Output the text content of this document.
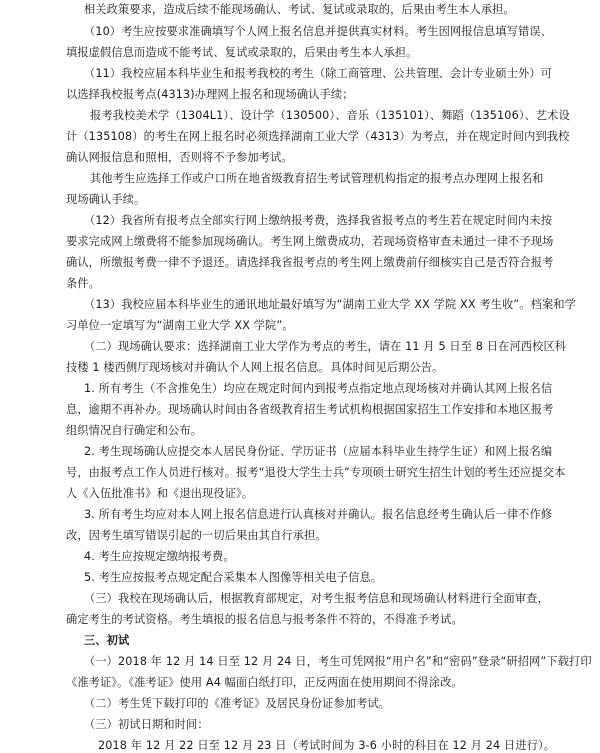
相关政策要求，造成后续不能现场确认、考试、复试或录取的，后果由考生本人承担。
（10）考生应按要求准确填写个人网上报名信息并提供真实材料。考生因网报信息填写错误、
填报虚假信息而造成不能考试、复试或录取的，后果由考生本人承担。
（11）我校应届本科毕业生和报考我校的考生（除工商管理、公共管理、会计专业硕士外）可
以选择我校报考点(4313)办理网上报名和现场确认手续；
报考我校美术学（1304L1）、设计学（130500）、音乐（135101）、舞蹈（135106）、艺术设
计（135108）的考生在网上报名时必须选择湖南工业大学（4313）为考点，并在规定时间内到我校
确认网报信息和照相，否则将不予参加考试。
其他考生应选择工作或户口所在地省级教育招生考试管理机构指定的报考点办理网上报名和
现场确认手续。
（12）我省所有报考点全部实行网上缴纳报考费，选择我省报考点的考生若在规定时间内未按
要求完成网上缴费将不能参加现场确认。考生网上缴费成功，若现场资格审查未通过一律不予现场
确认，所缴报考费一律不予退还。请选择我省报考点的考生网上缴费前仔细核实自己是否符合报考
条件。
（13）我校应届本科毕业生的通讯地址最好填写为“湖南工业大学 XX 学院 XX 考生收”。档案和学
习单位一定填写为“湖南工业大学 XX 学院”。
（二）现场确认要求：选择湖南工业大学作为考点的考生，请在 11 月 5 日至 8 日在河西校区科
技楼 1 楼西侧厅现场核对并确认个人网上报名信息。具体时间见后期公告。
1. 所有考生（不含推免生）均应在规定时间内到报考点指定地点现场核对并确认其网上报名信
息，逾期不再补办。现场确认时间由各省级教育招生考试机构根据国家招生工作安排和本地区报考
组织情况自行确定和公布。
2. 考生现场确认应提交本人居民身份证、学历证书（应届本科毕业生持学生证）和网上报名编
号，由报考点工作人员进行核对。报考“退役大学生士兵”专项硕士研究生招生计划的考生还应提交本
人《入伍批准书》和《退出现役证》。
3. 所有考生均应对本人网上报名信息进行认真核对并确认。报名信息经考生确认后一律不作修
改，因考生填写错误引起的一切后果由其自行承担。
4. 考生应按规定缴纳报考费。
5. 考生应按报考点规定配合采集本人图像等相关电子信息。
（三）我校在现场确认后，根据教育部规定，对考生报考信息和现场确认材料进行全面审查，
确定考生的考试资格。考生填报的报名信息与报考条件不符的，不得准予考试。
三、初试
（一）2018 年 12 月 14 日至 12 月 24 日，考生可凭网报“用户名”和“密码”登录“研招网”下载打印
《准考证》。《准考证》使用 A4 幅面白纸打印，正反两面在使用期间不得涂改。
（二）考生凭下载打印的《准考证》及居民身份证参加考试。
（三）初试日期和时间：
2018 年 12 月 22 日至 12 月 23 日（考试时间为 3-6 小时的科目在 12 月 24 日进行）。
